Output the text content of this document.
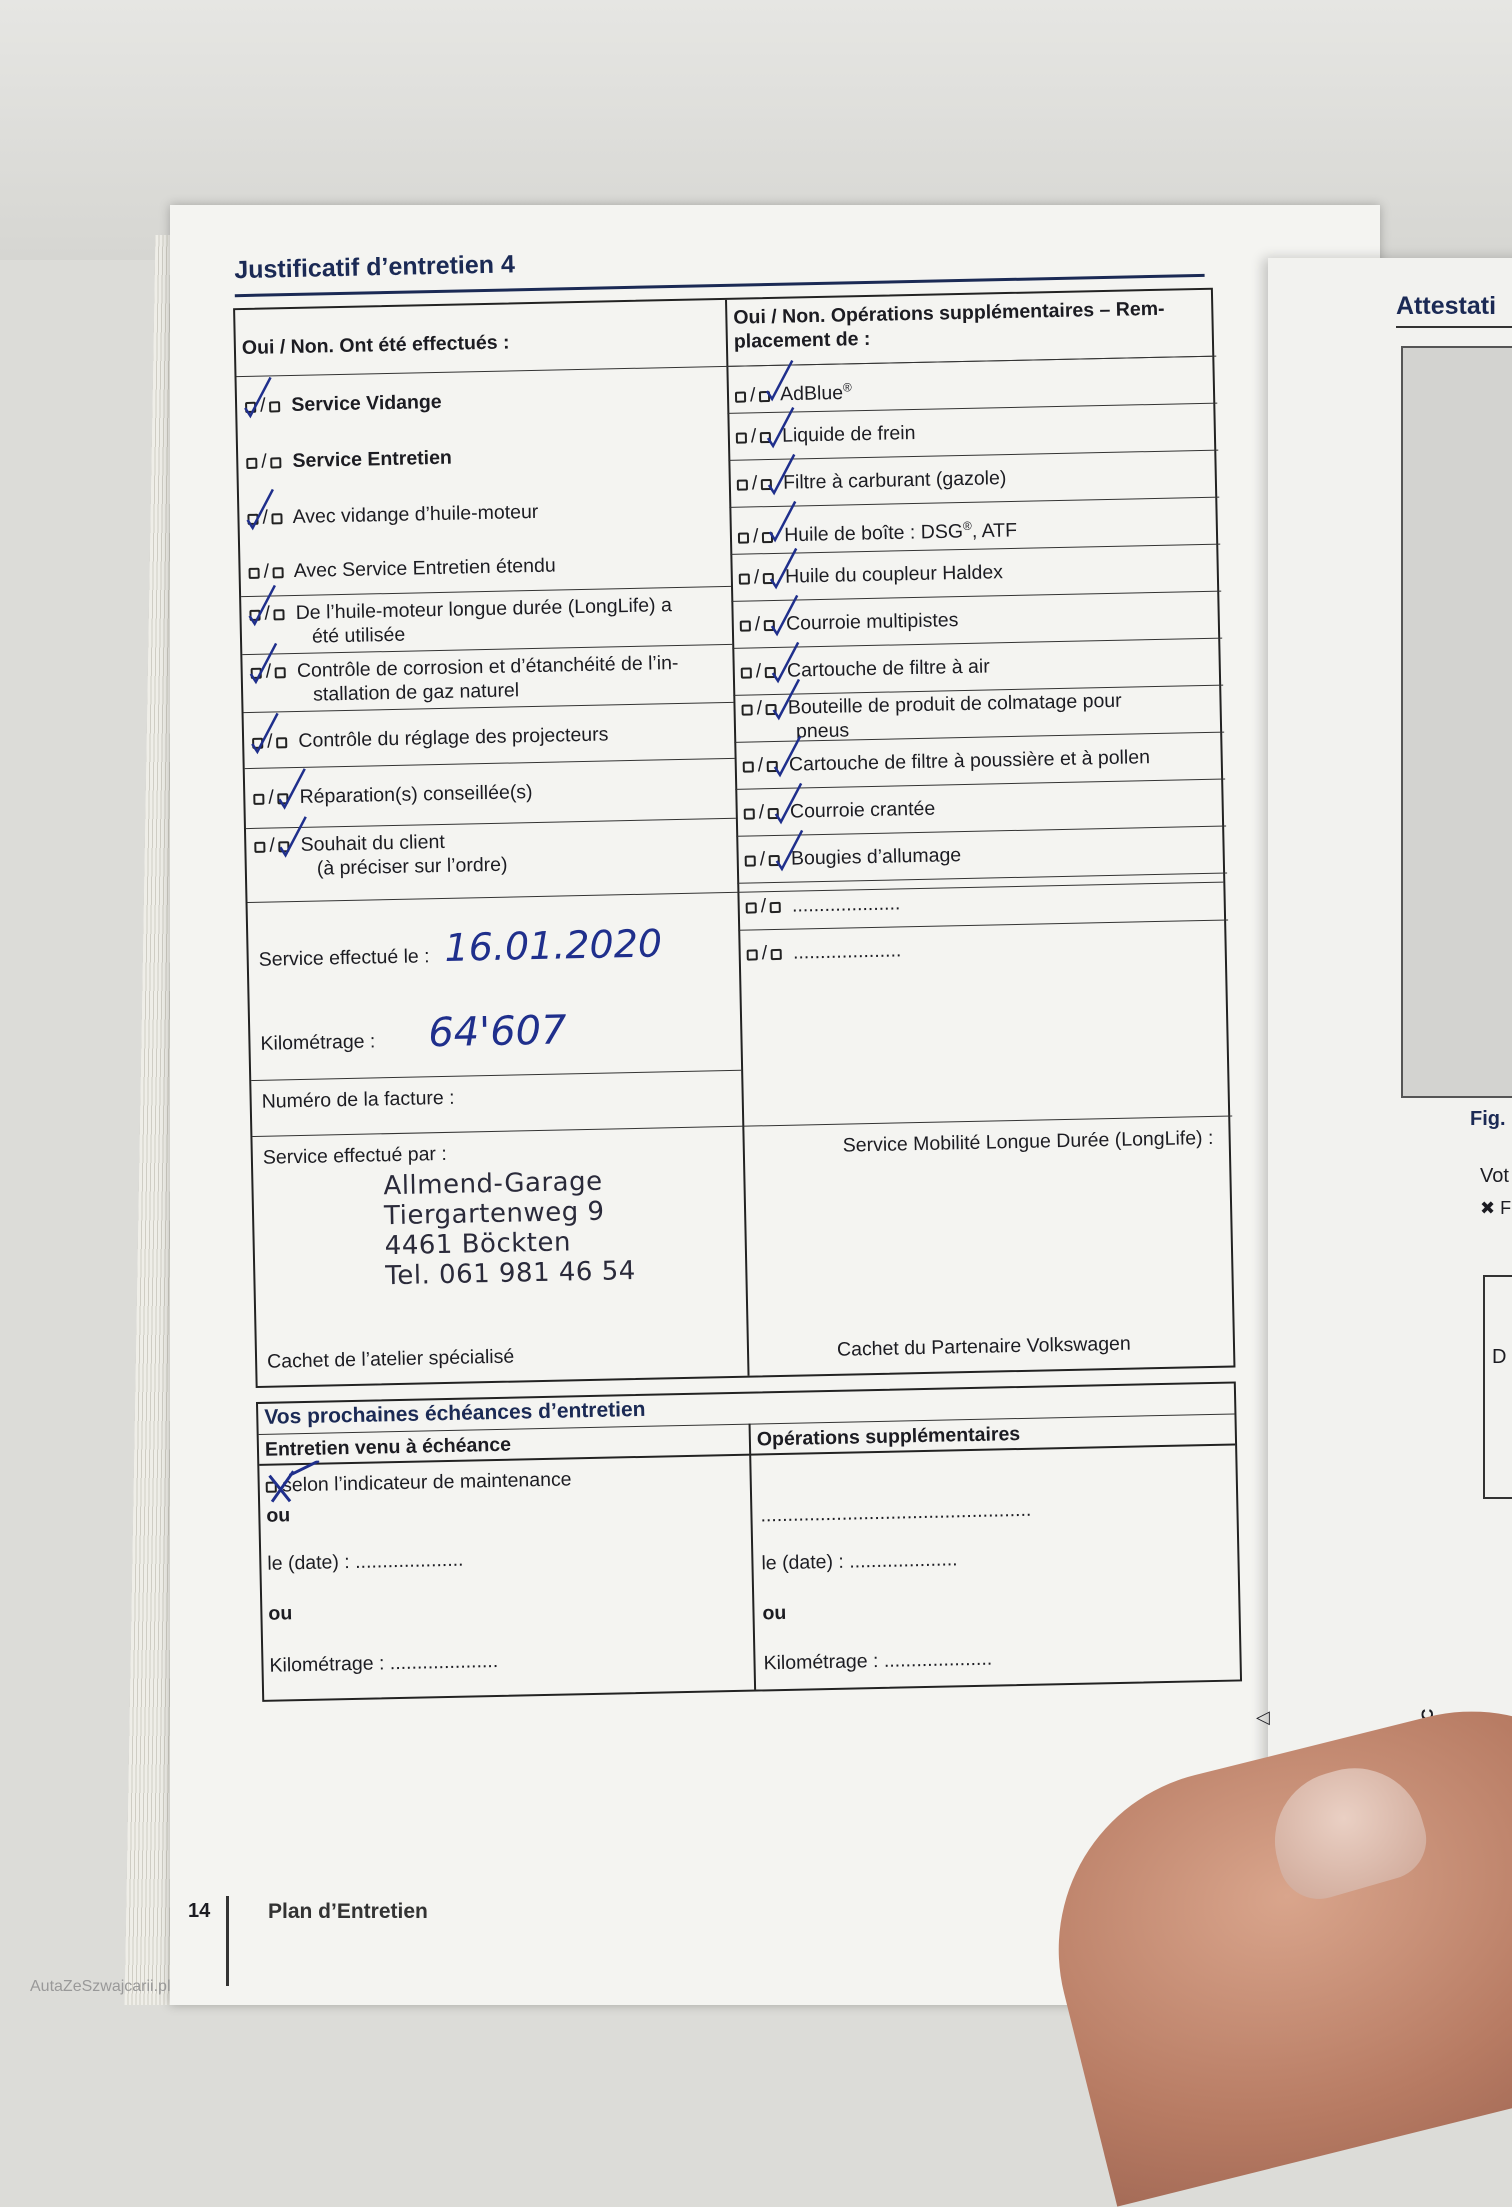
Attestati
Fig.
Vot
✖ F
D
Justificatif d’entretien 4
Oui / Non. Ont été effectués :
Oui / Non. Opérations supplémentaires – Rem-
placement de :
/ Service Vidange
/ Service Entretien
/ Avec vidange d’huile-moteur
/ Avec Service Entretien étendu
/ De l’huile-moteur longue durée (LongLife) a
été utilisée
/ Contrôle de corrosion et d’étanchéité de l’in-
stallation de gaz naturel
/ Contrôle du réglage des projecteurs
/ Réparation(s) conseillée(s)
/ Souhait du client
(à préciser sur l’ordre)
/ AdBlue®
/ Liquide de frein
/ Filtre à carburant (gazole)
/ Huile de boîte : DSG®, ATF
/ Huile du coupleur Haldex
/ Courroie multipistes
/ Cartouche de filtre à air
/ Bouteille de produit de colmatage pour
pneus
/ Cartouche de filtre à poussière et à pollen
/ Courroie crantée
/ Bougies d’allumage
/ ....................
/ ....................
Service effectué le : 16.01.2020
Kilométrage : 64'607
Numéro de la facture :
Service effectué par :
Allmend-Garage
Tiergartenweg 9
4461 Böckten
Tel. 061 981 46 54
Cachet de l’atelier spécialisé
Service Mobilité Longue Durée (LongLife) :
Cachet du Partenaire Volkswagen
Vos prochaines échéances d’entretien
Entretien venu à échéance	Opérations supplémentaires
selon l’indicateur de maintenance
ou
le (date) : ....................
ou
Kilométrage : ....................
..................................................
le (date) : ....................
ou
Kilométrage : ....................
◁
14	Plan d’Entretien
AutaZeSzwajcarii.pl
